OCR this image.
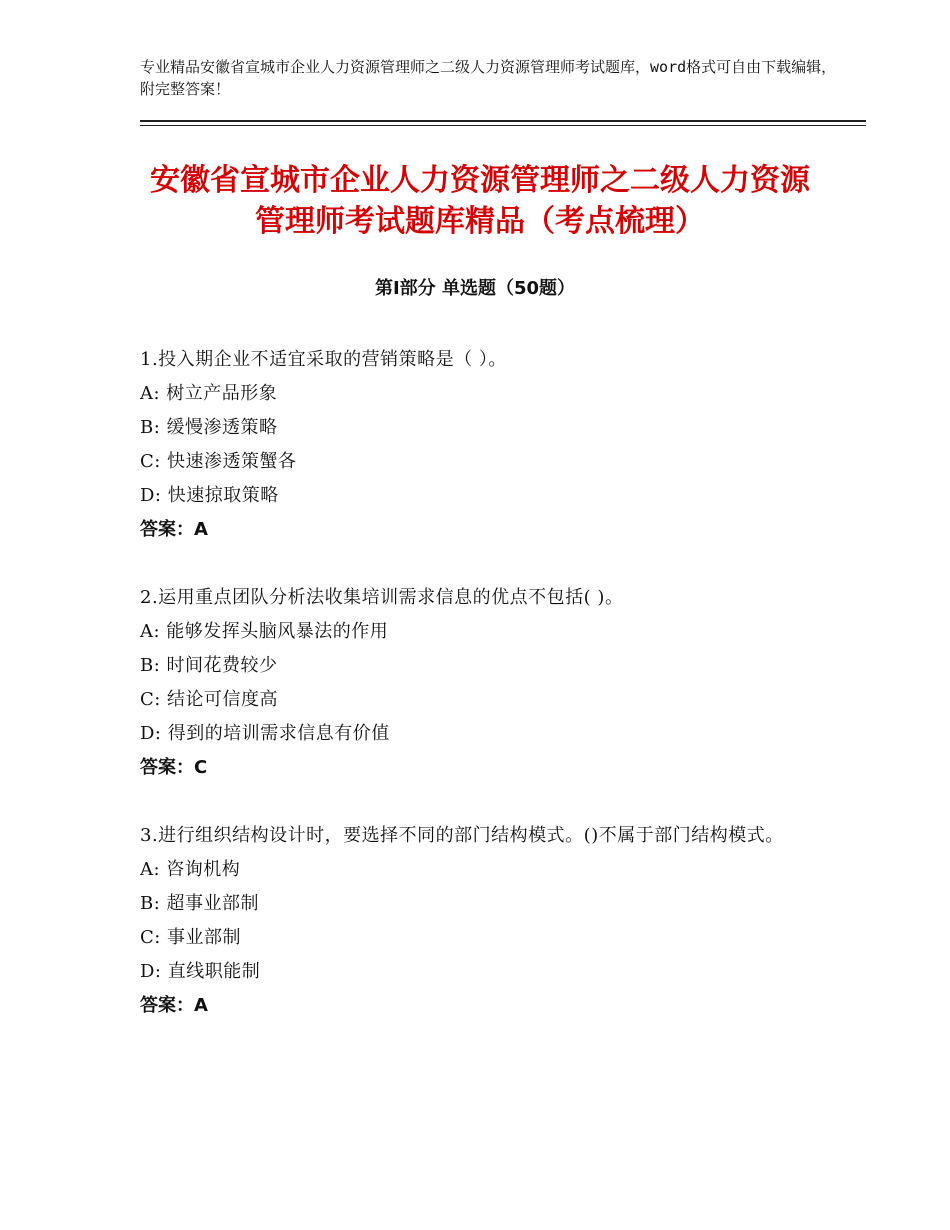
专业精品安徽省宣城市企业人力资源管理师之二级人力资源管理师考试题库，word格式可自由下载编辑，附完整答案！
安徽省宣城市企业人力资源管理师之二级人力资源管理师考试题库精品（考点梳理）
第Ⅰ部分 单选题（50题）
1.投入期企业不适宜采取的营销策略是（ ）。
A: 树立产品形象
B: 缓慢渗透策略
C: 快速渗透策蟹各
D: 快速掠取策略
答案：A
2.运用重点团队分析法收集培训需求信息的优点不包括( )。
A: 能够发挥头脑风暴法的作用
B: 时间花费较少
C: 结论可信度高
D: 得到的培训需求信息有价值
答案：C
3.进行组织结构设计时，要选择不同的部门结构模式。()不属于部门结构模式。
A: 咨询机构
B: 超事业部制
C: 事业部制
D: 直线职能制
答案：A
